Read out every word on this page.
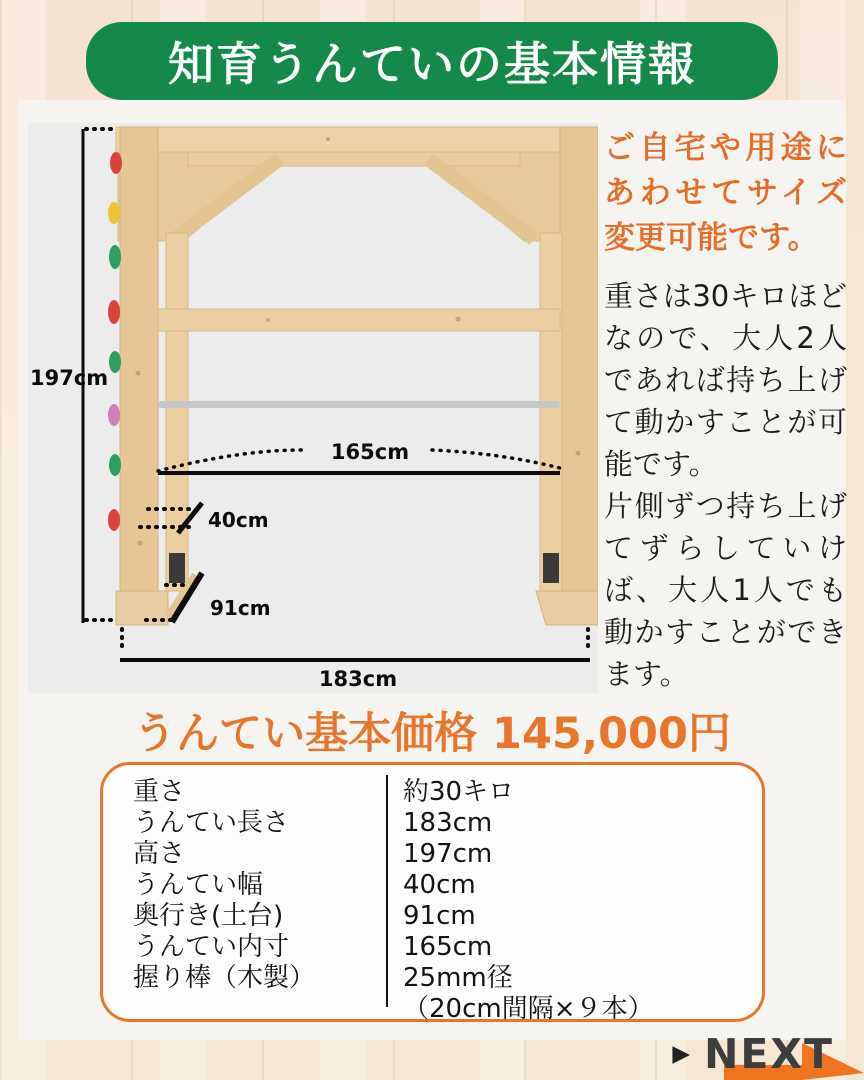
知育うんていの基本情報
197cm
165cm
40cm
91cm
183cm
ご自宅や用途にあわせてサイズ変更可能です。
重さは30キロほどなので、大人2人であれば持ち上げて動かすことが可能です。
片側ずつ持ち上げてずらしていけば、大人1人でも動かすことができます。
うんてい基本価格 145,000円
重さ	約30キロ
うんてい長さ	183cm
高さ	197cm
うんてい幅	40cm
奥行き(土台)	91cm
うんてい内寸	165cm
握り棒（木製）	25mm径
（20cm間隔×９本）
▶ NEXT
